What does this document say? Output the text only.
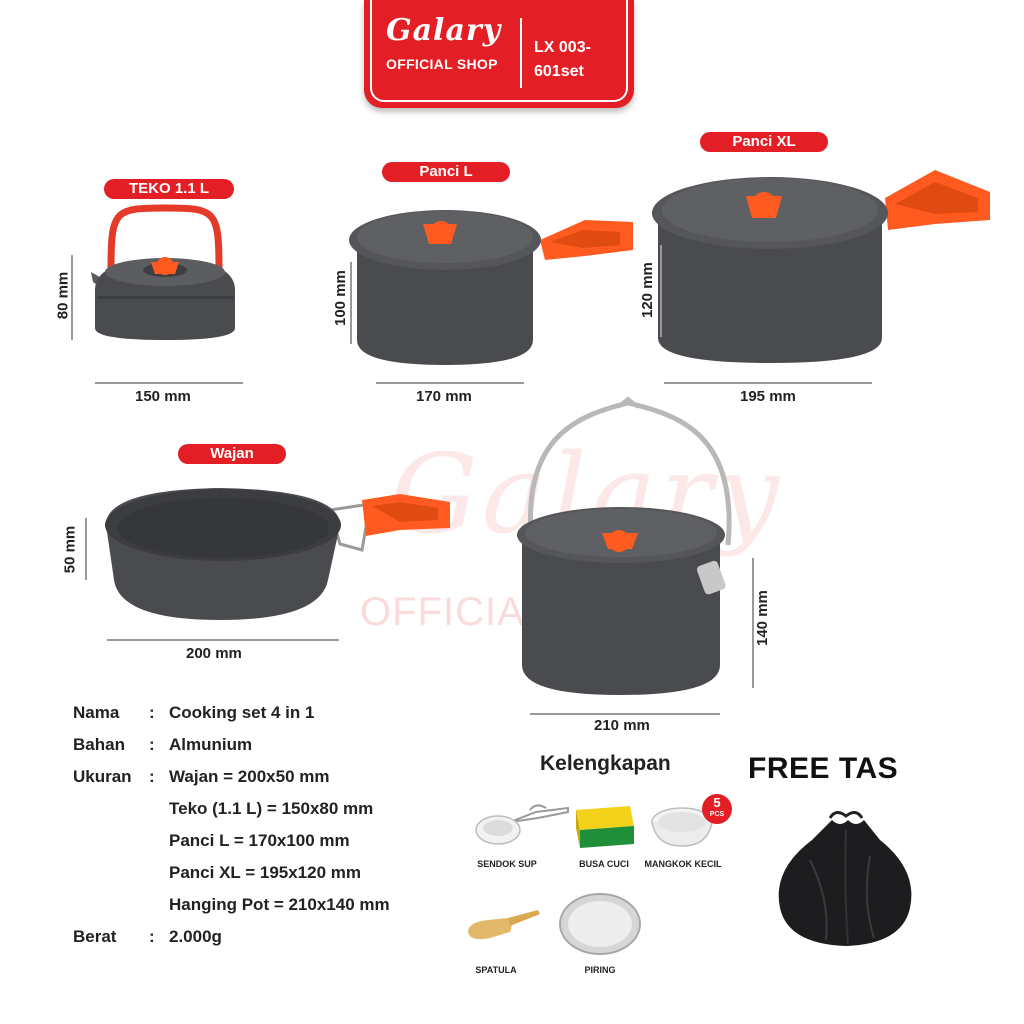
Galary
OFFICIAL SHOP
LX 003-
601set
Galary
OFFICIAL SHOP
TEKO 1.1 L
80 mm
150 mm
Panci L
100 mm
170 mm
Panci XL
120 mm
195 mm
Wajan
50 mm
200 mm
140 mm
210 mm
Nama : Cooking set 4 in 1
Bahan : Almunium
Ukuran : Wajan = 200x50 mm
Teko (1.1 L) = 150x80 mm
Panci L = 170x100 mm
Panci XL = 195x120 mm
Hanging Pot = 210x140 mm
Berat : 2.000g
Kelengkapan
SENDOK SUP	BUSA CUCI
5
PCS
MANGKOK KECIL
SPATULA	PIRING
FREE TAS
